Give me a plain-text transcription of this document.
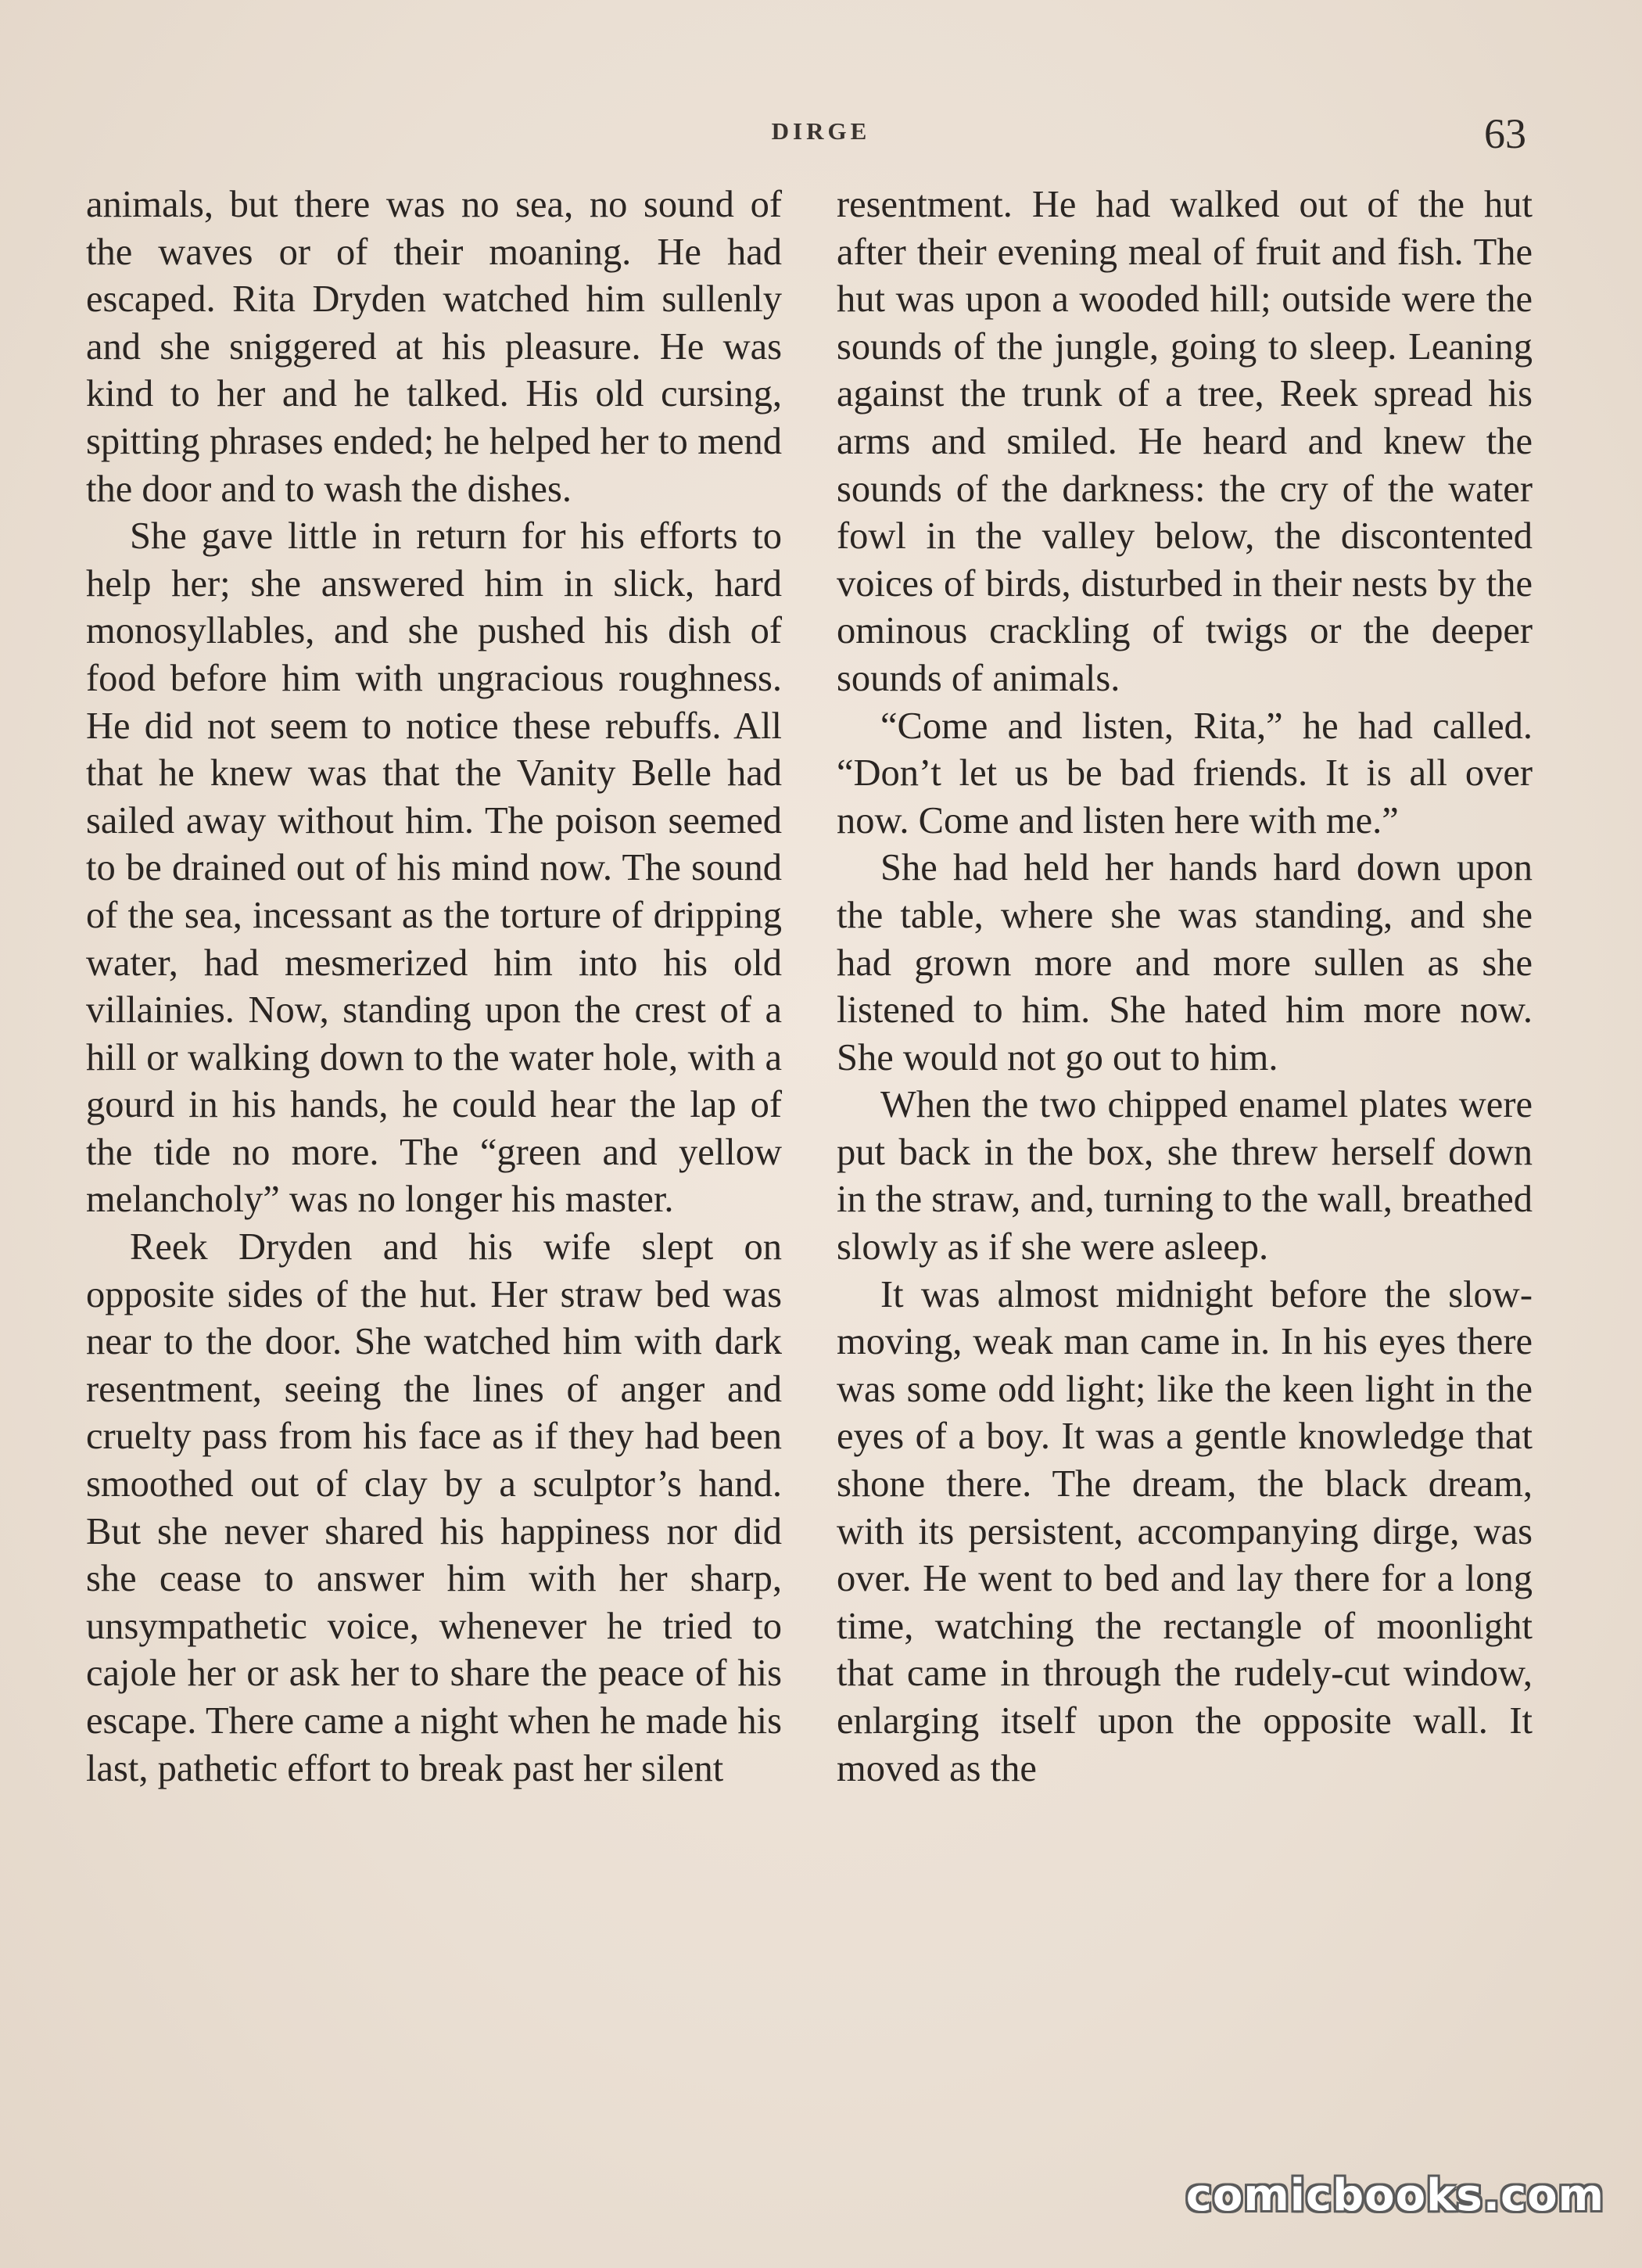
DIRGE	63

animals, but there was no sea, no sound of the waves or of their moaning. He had escaped. Rita Dryden watched him sullenly and she sniggered at his pleasure. He was kind to her and he talked. His old cursing, spitting phrases ended; he helped her to mend the door and to wash the dishes.

She gave little in return for his efforts to help her; she answered him in slick, hard monosyllables, and she pushed his dish of food before him with ungracious roughness. He did not seem to notice these rebuffs. All that he knew was that the Vanity Belle had sailed away without him. The poison seemed to be drained out of his mind now. The sound of the sea, incessant as the torture of dripping water, had mesmerized him into his old villainies. Now, standing upon the crest of a hill or walking down to the water hole, with a gourd in his hands, he could hear the lap of the tide no more. The “green and yellow melancholy” was no longer his master.

Reek Dryden and his wife slept on opposite sides of the hut. Her straw bed was near to the door. She watched him with dark resentment, seeing the lines of anger and cruelty pass from his face as if they had been smoothed out of clay by a sculptor’s hand. But she never shared his happiness nor did she cease to answer him with her sharp, unsympathetic voice, whenever he tried to cajole her or ask her to share the peace of his escape. There came a night when he made his last, pathetic effort to break past her silent

resentment. He had walked out of the hut after their evening meal of fruit and fish. The hut was upon a wooded hill; outside were the sounds of the jungle, going to sleep. Leaning against the trunk of a tree, Reek spread his arms and smiled. He heard and knew the sounds of the darkness: the cry of the water fowl in the valley below, the discontented voices of birds, disturbed in their nests by the ominous crackling of twigs or the deeper sounds of animals.

“Come and listen, Rita,” he had called. “Don’t let us be bad friends. It is all over now. Come and listen here with me.”

She had held her hands hard down upon the table, where she was standing, and she had grown more and more sullen as she listened to him. She hated him more now. She would not go out to him.

When the two chipped enamel plates were put back in the box, she threw herself down in the straw, and, turning to the wall, breathed slowly as if she were asleep.

It was almost midnight before the slow-moving, weak man came in. In his eyes there was some odd light; like the keen light in the eyes of a boy. It was a gentle knowledge that shone there. The dream, the black dream, with its persistent, accompanying dirge, was over. He went to bed and lay there for a long time, watching the rectangle of moonlight that came in through the rudely-cut window, enlarging itself upon the opposite wall. It moved as the

comicbooks.com
